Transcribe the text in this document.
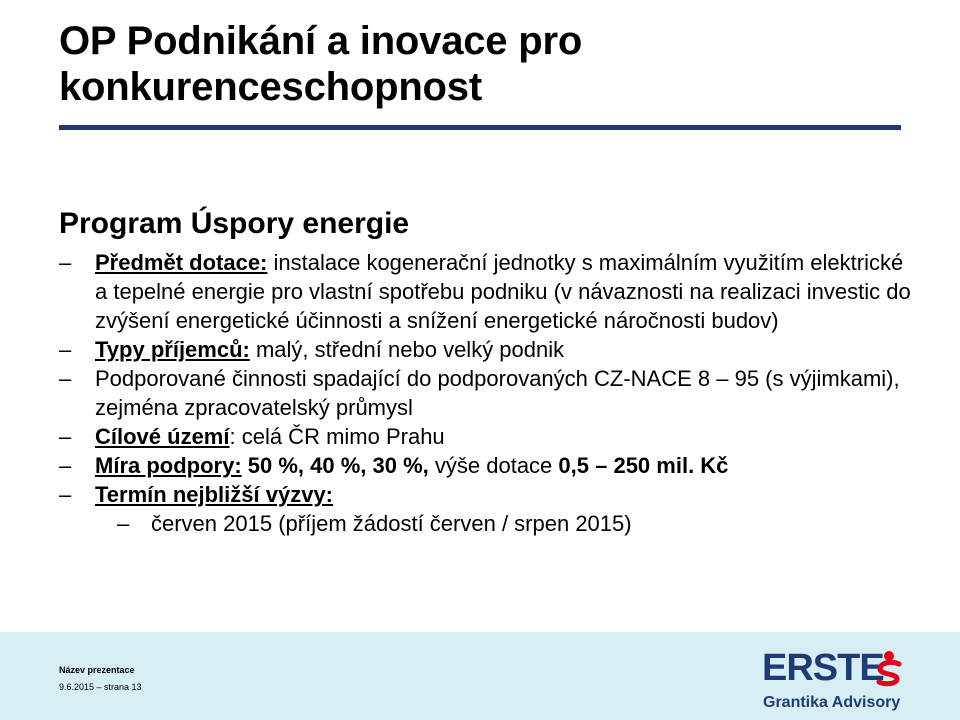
OP Podnikání a inovace pro konkurenceschopnost
Program Úspory energie
– Předmět dotace: instalace kogenerační jednotky s maximálním využitím elektrické a tepelné energie pro vlastní spotřebu podniku (v návaznosti na realizaci investic do zvýšení energetické účinnosti a snížení energetické náročnosti budov)
– Typy příjemců: malý, střední nebo velký podnik
– Podporované činnosti spadající do podporovaných CZ-NACE 8 – 95 (s výjimkami), zejména zpracovatelský průmysl
– Cílové území: celá ČR mimo Prahu
– Míra podpory: 50 %, 40 %, 30 %, výše dotace 0,5 – 250 mil. Kč
– Termín nejbližší výzvy:
– červen 2015 (příjem žádostí červen / srpen 2015)
Název prezentace
9.6.2015 – strana 13	ERSTE
Grantika Advisory
